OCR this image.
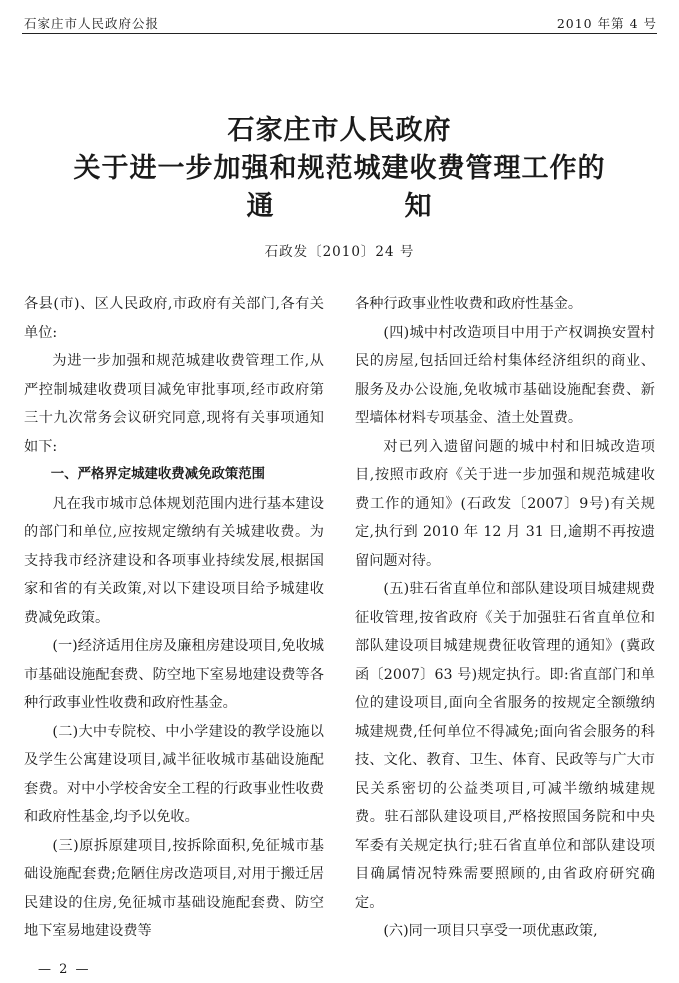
石家庄市人民政府公报	2010 年第 4 号
石家庄市人民政府
关于进一步加强和规范城建收费管理工作的
通	知
石政发〔2010〕24 号

各县(市)、区人民政府,市政府有关部门,各有关单位:

为进一步加强和规范城建收费管理工作,从严控制城建收费项目减免审批事项,经市政府第三十九次常务会议研究同意,现将有关事项通知如下:

一、严格界定城建收费减免政策范围

凡在我市城市总体规划范围内进行基本建设的部门和单位,应按规定缴纳有关城建收费。为支持我市经济建设和各项事业持续发展,根据国家和省的有关政策,对以下建设项目给予城建收费减免政策。

(一)经济适用住房及廉租房建设项目,免收城市基础设施配套费、防空地下室易地建设费等各种行政事业性收费和政府性基金。

(二)大中专院校、中小学建设的教学设施以及学生公寓建设项目,减半征收城市基础设施配套费。对中小学校舍安全工程的行政事业性收费和政府性基金,均予以免收。

(三)原拆原建项目,按拆除面积,免征城市基础设施配套费;危陋住房改造项目,对用于搬迁居民建设的住房,免征城市基础设施配套费、防空地下室易地建设费等

各种行政事业性收费和政府性基金。

(四)城中村改造项目中用于产权调换安置村民的房屋,包括回迁给村集体经济组织的商业、服务及办公设施,免收城市基础设施配套费、新型墙体材料专项基金、渣土处置费。

对已列入遗留问题的城中村和旧城改造项目,按照市政府《关于进一步加强和规范城建收费工作的通知》(石政发〔2007〕9号)有关规定,执行到 2010 年 12 月 31 日,逾期不再按遗留问题对待。

(五)驻石省直单位和部队建设项目城建规费征收管理,按省政府《关于加强驻石省直单位和部队建设项目城建规费征收管理的通知》(冀政函〔2007〕63 号)规定执行。即:省直部门和单位的建设项目,面向全省服务的按规定全额缴纳城建规费,任何单位不得减免;面向省会服务的科技、文化、教育、卫生、体育、民政等与广大市民关系密切的公益类项目,可减半缴纳城建规费。驻石部队建设项目,严格按照国务院和中央军委有关规定执行;驻石省直单位和部队建设项目确属情况特殊需要照顾的,由省政府研究确定。

(六)同一项目只享受一项优惠政策,

— 2 —
